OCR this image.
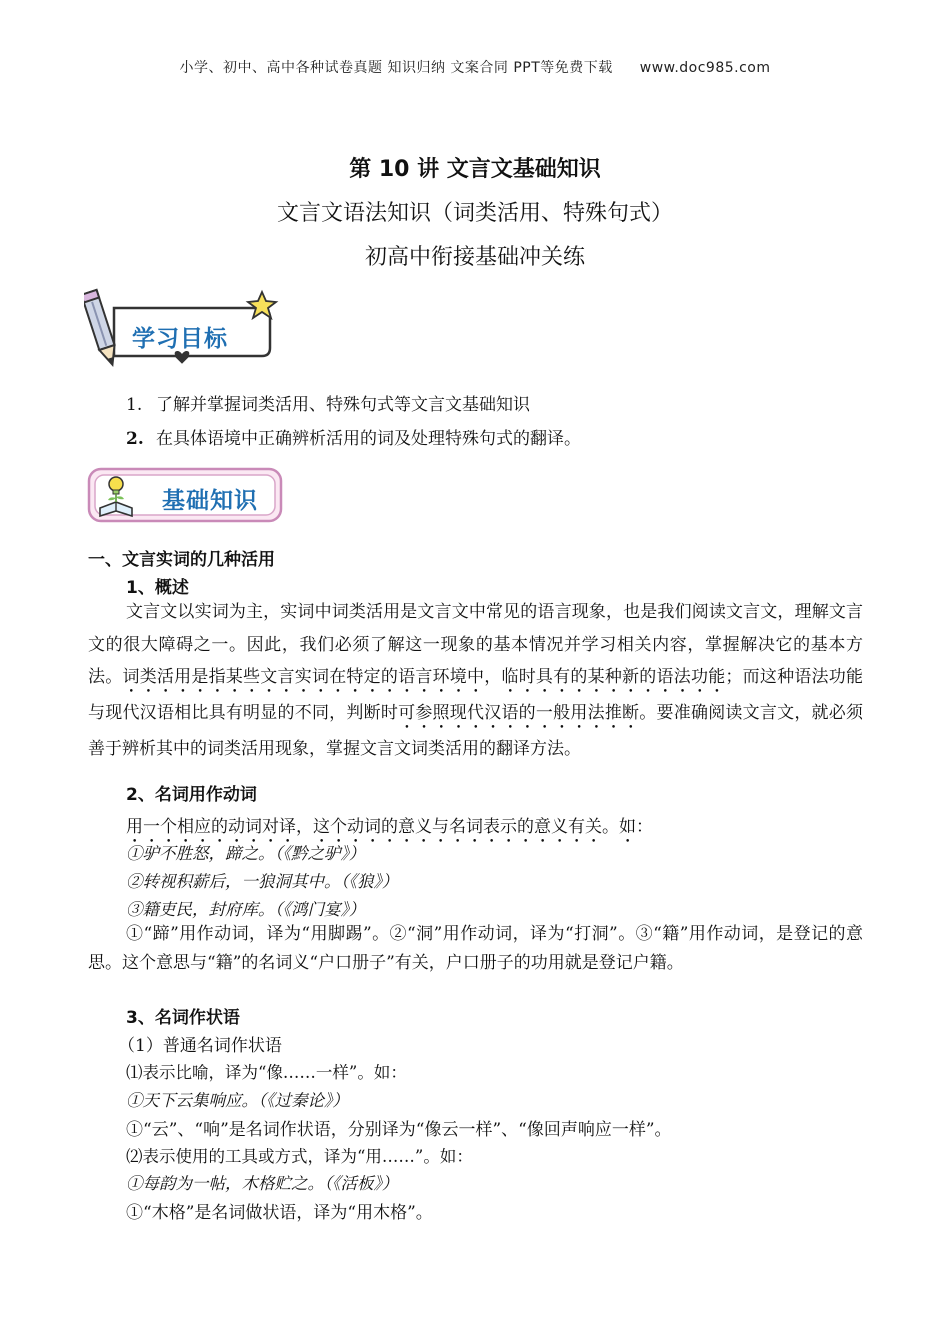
小学、初中、高中各种试卷真题 知识归纳 文案合同 PPT等免费下载 www.doc985.com
第 10 讲 文言文基础知识
文言文语法知识（词类活用、特殊句式）
初高中衔接基础冲关练
学习目标
1. 了解并掌握词类活用、特殊句式等文言文基础知识
2. 在具体语境中正确辨析活用的词及处理特殊句式的翻译。
基础知识
一、文言实词的几种活用
1、概述
文言文以实词为主，实词中词类活用是文言文中常见的语言现象，也是我们阅读文言文，理解文言文的很大障碍之一。因此，我们必须了解这一现象的基本情况并学习相关内容，掌握解决它的基本方法。词类活用是指某些文言实词在特定的语言环境中，临时具有的某种新的语法功能；而这种语法功能与现代汉语相比具有明显的不同，判断时可参照现代汉语的一般用法推断。要准确阅读文言文，就必须善于辨析其中的词类活用现象，掌握文言文词类活用的翻译方法。
2、名词用作动词
用一个相应的动词对译，这个动词的意义与名词表示的意义有关。如：
①驴不胜怒，蹄之。（《黔之驴》）
②转视积薪后，一狼洞其中。（《狼》）
③籍吏民，封府库。（《鸿门宴》）
①“蹄”用作动词，译为“用脚踢”。②“洞”用作动词，译为“打洞”。③“籍”用作动词，是登记的意思。这个意思与“籍”的名词义“户口册子”有关，户口册子的功用就是登记户籍。
3、名词作状语
（1）普通名词作状语
⑴表示比喻，译为“像……一样”。如：
①天下云集响应。（《过秦论》）
①“云”、“响”是名词作状语，分别译为“像云一样”、“像回声响应一样”。
⑵表示使用的工具或方式，译为“用……”。如：
①每韵为一帖，木格贮之。（《活板》）
①“木格”是名词做状语，译为“用木格”。
